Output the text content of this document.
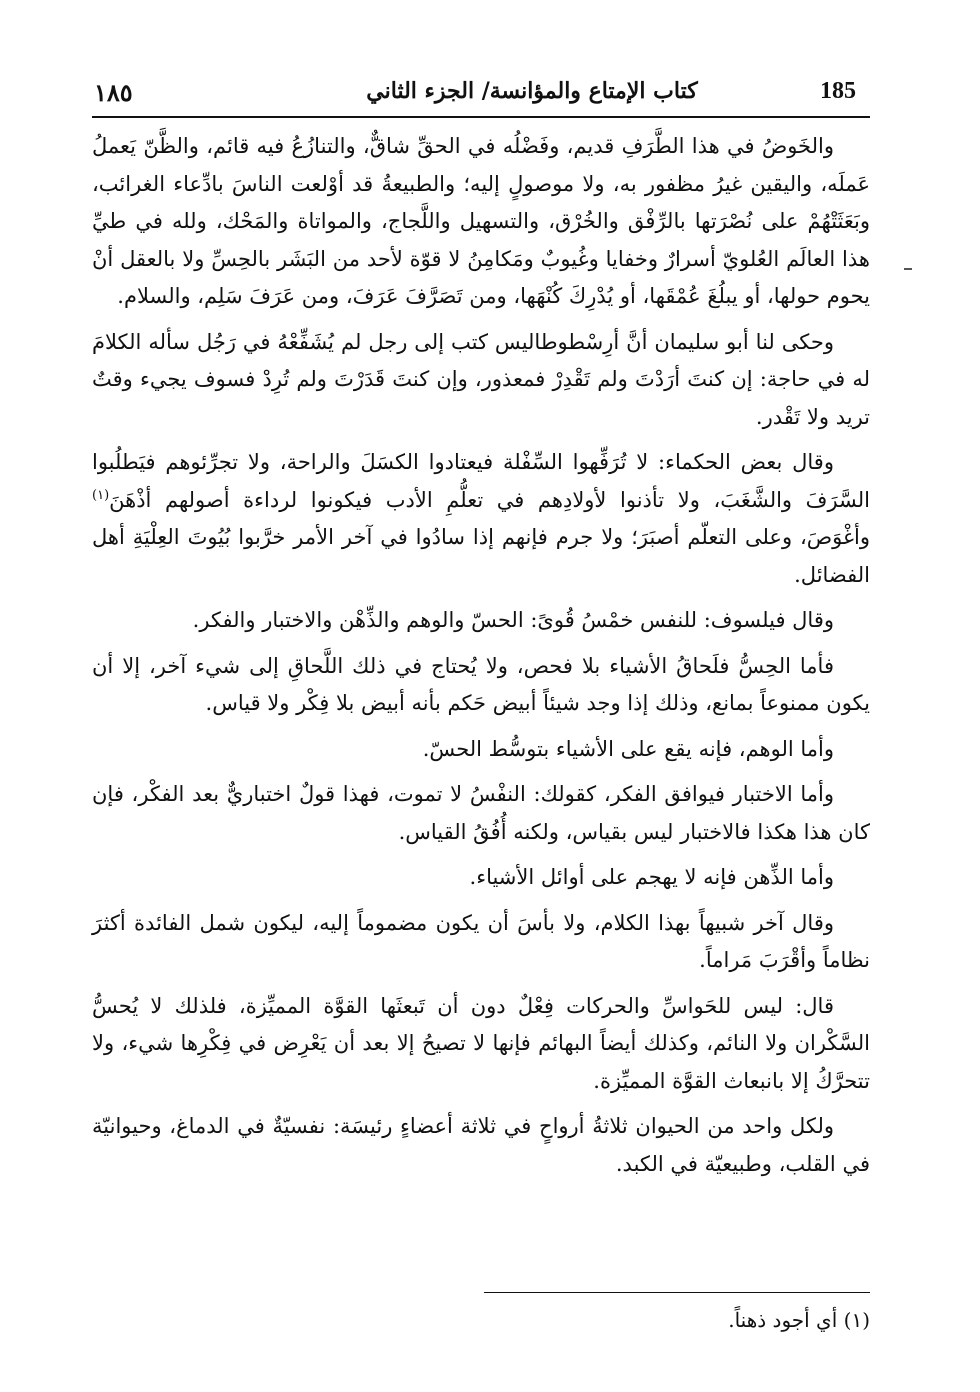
185
كتاب الإمتاع والمؤانسة/ الجزء الثاني
١٨٥

والخَوضُ في هذا الطَّرَفِ قديم، وفَضْلُه في الحقِّ شاقٌّ، والتنازُعُ فيه قائم، والظَّنّ يَعملُ عَملَه، واليقين غيرُ مظفور به، ولا موصولٍ إليه؛ والطبيعةُ قد أوْلعت الناسَ بادِّعاء الغرائب، وبَعَثَتْهُمْ على نُصْرَتها بالرِّفْق والخُرْق، والتسهيل واللَّجاج، والمواتاة والمَحْك، ولله في طيِّ هذا العالَم العُلويّ أسرارٌ وخفايا وغُيوبٌ ومَكامِنُ لا قوّة لأحد من البَشَر بالحِسِّ ولا بالعقل أنْ يحوم حولها، أو يبلُغَ عُمْقَها، أو يُدْرِكَ كُنْهَها، ومن تَصَرَّفَ عَرَفَ، ومن عَرَفَ سَلِم، والسلام.

وحكى لنا أبو سليمان أنَّ أرِسْطوطاليس كتب إلى رجل لم يُشَفِّعْهُ في رَجُل سأله الكلامَ له في حاجة: إن كنتَ أرَدْتَ ولم تَقْدِرْ فمعذور، وإن كنتَ قَدَرْتَ ولم تُرِدْ فسوف يجيء وقتٌ تريد ولا تَقْدر.

وقال بعض الحكماء: لا تُرَفِّهوا السِّفْلة فيعتادوا الكسَلَ والراحة، ولا تجرِّئوهم فيَطلُبوا السَّرَفَ والشَّغَبَ، ولا تأذنوا لأولادِهم في تعلُّمِ الأدب فيكونوا لرداءة أصولهم أذْهَنَ$^{(١)}$ وأغْوَصَ، وعلى التعلّم أصبَرَ؛ ولا جرم فإنهم إذا سادُوا في آخر الأمر خرَّبوا بُيُوتَ العِلْيَةِ أهل الفضائل.

وقال فيلسوف: للنفس خمْسُ قُوىً: الحسّ والوهم والذِّهْن والاختبار والفكر.

فأما الحِسُّ فلَحاقُ الأشياء بلا فحص، ولا يُحتاج في ذلك اللَّحاقِ إلى شيء آخر، إلا أن يكون ممنوعاً بمانع، وذلك إذا وجد شيئاً أبيض حَكم بأنه أبيض بلا فِكْر ولا قياس.

وأما الوهم، فإنه يقع على الأشياء بتوسُّط الحسّ.

وأما الاختبار فيوافق الفكر، كقولك: النفْسُ لا تموت، فهذا قولٌ اختباريٌّ بعد الفكْر، فإن كان هذا هكذا فالاختبار ليس بقياس، ولكنه أُفُقُ القياس.

وأما الذِّهن فإنه لا يهجم على أوائل الأشياء.

وقال آخر شبيهاً بهذا الكلام، ولا بأسَ أن يكون مضموماً إليه، ليكون شمل الفائدة أكثرَ نظاماً وأقْرَبَ مَراماً.

قال: ليس للحَواسِّ والحركات فِعْلٌ دون أن تَبعثَها القوَّة المميِّزة، فلذلك لا يُحسُّ السَّكْران ولا النائم، وكذلك أيضاً البهائم فإنها لا تصيحُ إلا بعد أن يَعْرِض في فِكْرِها شيء، ولا تتحرَّكُ إلا بانبعاث القوَّة المميِّزة.

ولكل واحد من الحيوان ثلاثةُ أرواحٍ في ثلاثة أعضاءٍ رئيسَة: نفسيّةٌ في الدماغ، وحيوانيّة في القلب، وطبيعيّة في الكبد.

(١) أي أجود ذهناً.
